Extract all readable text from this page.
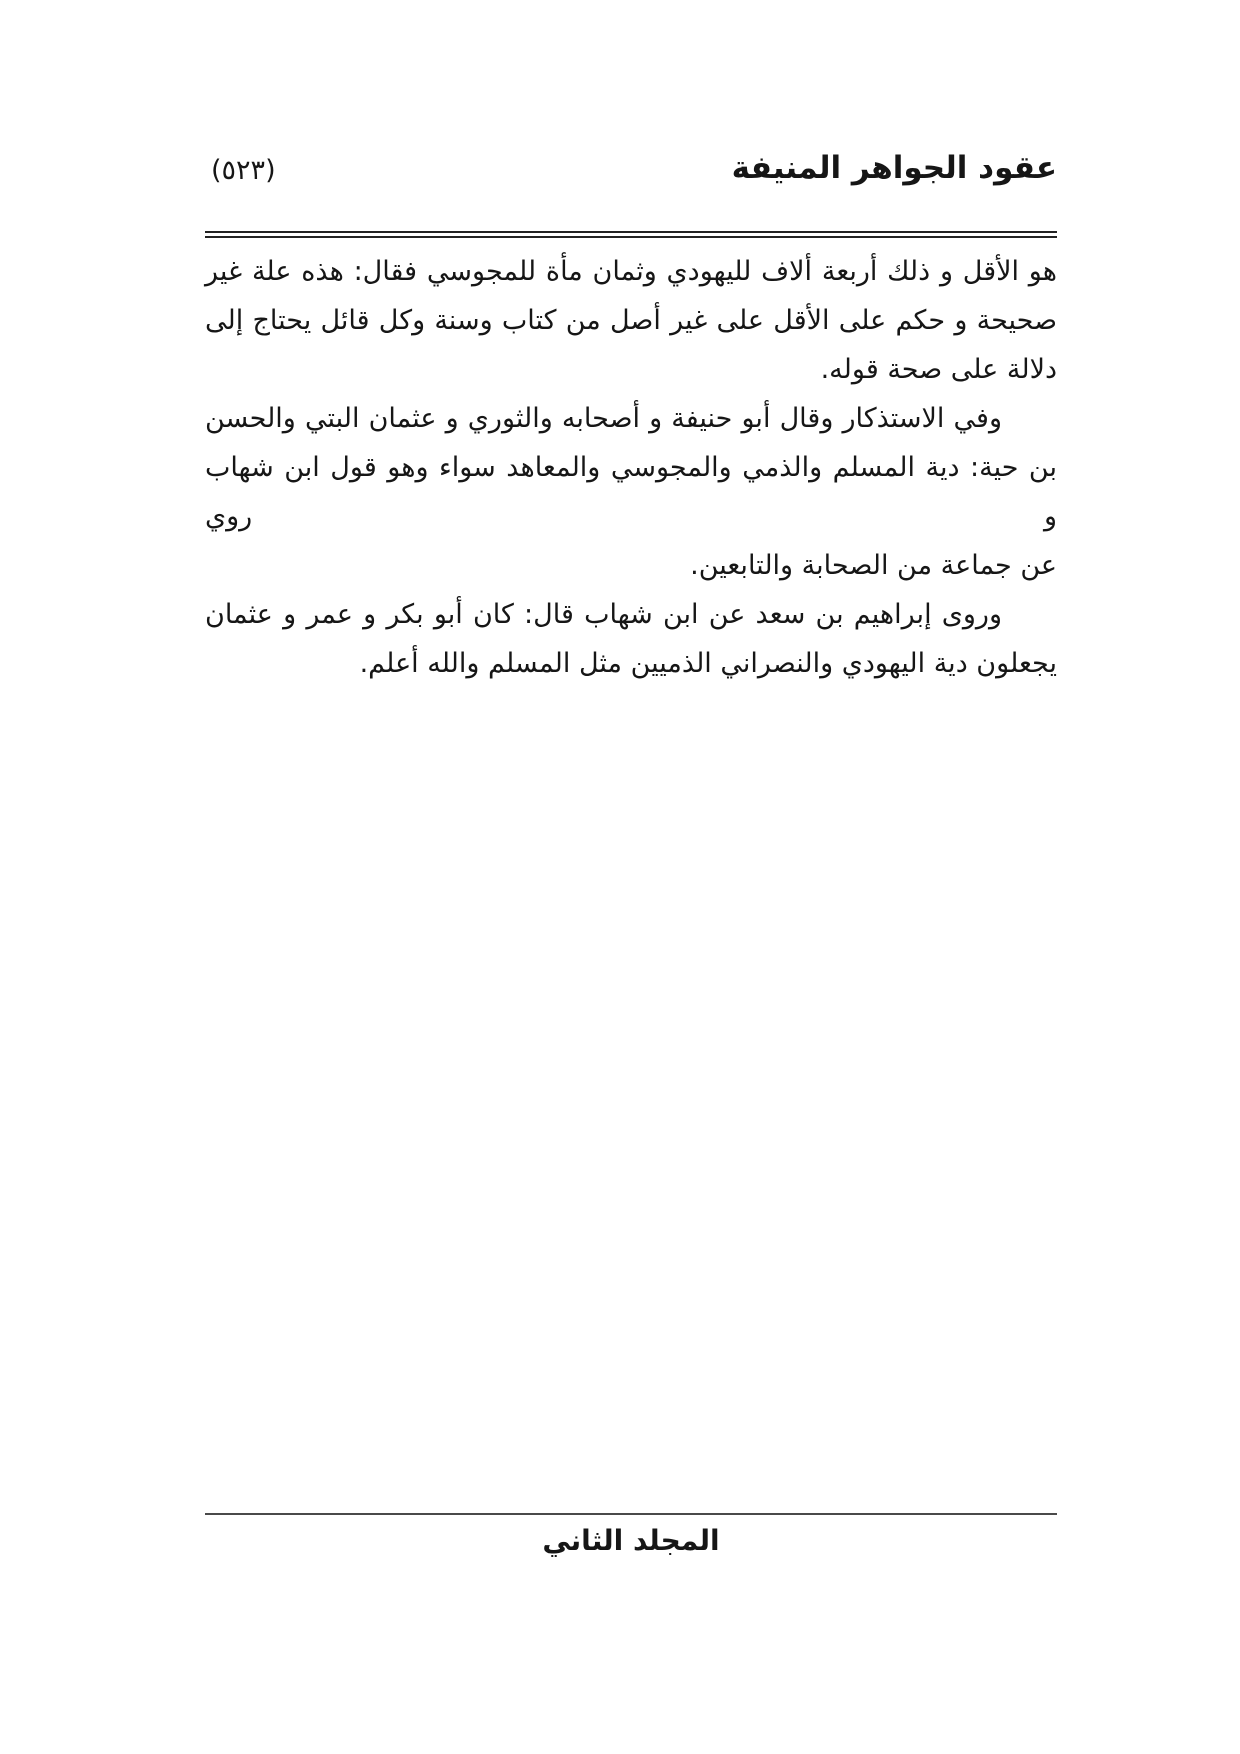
عقود الجواهر المنيفة
(٥٢٣)
هو الأقل و ذلك أربعة ألاف لليهودي وثمان مأة للمجوسي فقال: هذه علة غير
صحيحة و حكم على الأقل على غير أصل من كتاب وسنة وكل قائل يحتاج إلى
دلالة على صحة قوله.
وفي الاستذكار وقال أبو حنيفة و أصحابه والثوري و عثمان البتي والحسن
بن حية: دية المسلم والذمي والمجوسي والمعاهد سواء وهو قول ابن شهاب و روي
عن جماعة من الصحابة والتابعين.
وروى إبراهيم بن سعد عن ابن شهاب قال: كان أبو بكر و عمر و عثمان
يجعلون دية اليهودي والنصراني الذميين مثل المسلم والله أعلم.
المجلد الثاني
